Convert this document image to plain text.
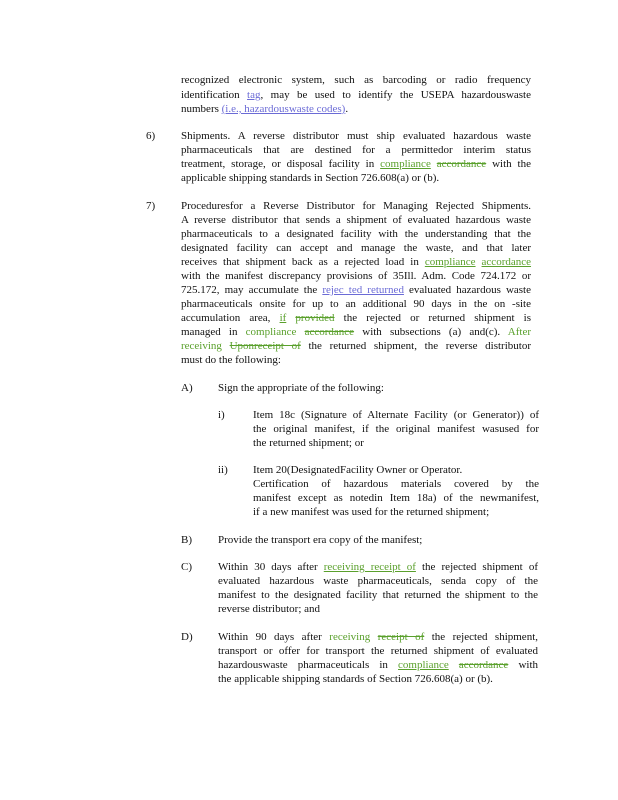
recognized electronic system, such as barcoding or radio frequency
identification tag, may be used to identify the USEPA hazardouswaste
numbers (i.e., hazardouswaste codes).
6) Shipments. A reverse distributor must ship evaluated hazardous waste
pharmaceuticals that are destined for a permittedor interim status
treatment, storage, or disposal facility in compliance accordance with the
applicable shipping standards in Section 726.608(a) or (b).
7) Proceduresfor a Reverse Distributor for Managing Rejected Shipments.
A reverse distributor that sends a shipment of evaluated hazardous waste
pharmaceuticals to a designated facility with the understanding that the
designated facility can accept and manage the waste, and that later
receives that shipment back as a rejected load in compliance accordance
with the manifest discrepancy provisions of 35Ill. Adm. Code 724.172 or
725.172, may accumulate the rejec ted returned evaluated hazardous waste
pharmaceuticals onsite for up to an additional 90 days in the on -site
accumulation area, if provided the rejected or returned shipment is
managed in compliance accordance with subsections (a) and(c). After
receiving Uponreceipt of the returned shipment, the reverse distributor
must do the following:
A) Sign the appropriate of the following:
i)	Item 18c (Signature of Alternate Facility (or Generator)) of
the original manifest, if the original manifest wasused for
the returned shipment; or
ii) Item 20(DesignatedFacility Owner or Operator.
Certification of hazardous materials covered by the
manifest except as notedin Item 18a) of the newmanifest,
if a new manifest was used for the returned shipment;
B) Provide the transport era copy of the manifest;
C) Within 30 days after receiving receipt of the rejected shipment of
evaluated hazardous waste pharmaceuticals, senda copy of the
manifest to the designated facility that returned the shipment to the
reverse distributor; and
D) Within 90 days after receiving receipt of the rejected shipment,
transport or offer for transport the returned shipment of evaluated
hazardouswaste pharmaceuticals in compliance accordance with
the applicable shipping standards of Section 726.608(a) or (b).
